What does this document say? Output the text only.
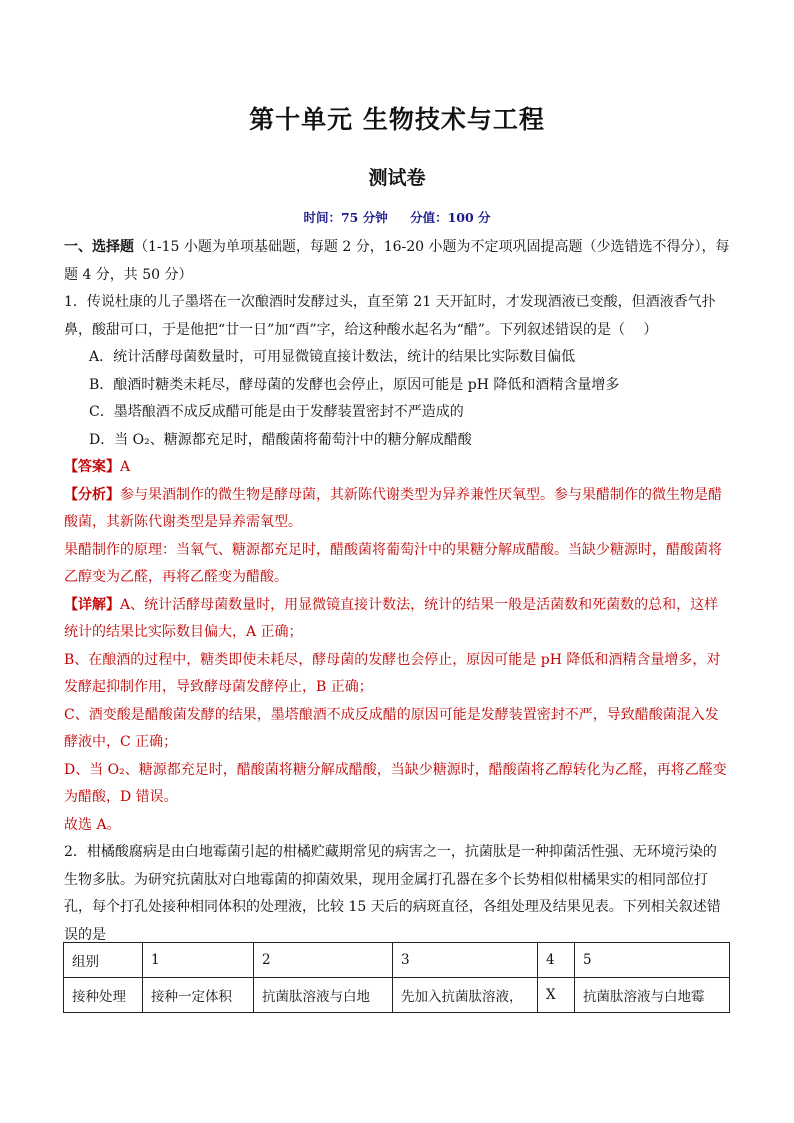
第十单元 生物技术与工程
测试卷
时间：75 分钟 分值：100 分

一、选择题（1-15 小题为单项基础题，每题 2 分，16-20 小题为不定项巩固提高题（少选错选不得分），每题 4 分，共 50 分）

1．传说杜康的儿子墨塔在一次酿酒时发酵过头，直至第 21 天开缸时，才发现酒液已变酸，但酒液香气扑鼻，酸甜可口，于是他把“廿一日”加“酉”字，给这种酸水起名为“醋”。下列叙述错误的是（　 ）

A．统计活酵母菌数量时，可用显微镜直接计数法，统计的结果比实际数目偏低

B．酿酒时糖类未耗尽，酵母菌的发酵也会停止，原因可能是 pH 降低和酒精含量增多

C．墨塔酿酒不成反成醋可能是由于发酵装置密封不严造成的

D．当 O₂、糖源都充足时，醋酸菌将葡萄汁中的糖分解成醋酸

【答案】A

【分析】参与果酒制作的微生物是酵母菌，其新陈代谢类型为异养兼性厌氧型。参与果醋制作的微生物是醋酸菌，其新陈代谢类型是异养需氧型。

果醋制作的原理：当氧气、糖源都充足时，醋酸菌将葡萄汁中的果糖分解成醋酸。当缺少糖源时，醋酸菌将乙醇变为乙醛，再将乙醛变为醋酸。

【详解】A、统计活酵母菌数量时，用显微镜直接计数法，统计的结果一般是活菌数和死菌数的总和，这样统计的结果比实际数目偏大，A 正确；

B、在酿酒的过程中，糖类即使未耗尽，酵母菌的发酵也会停止，原因可能是 pH 降低和酒精含量增多，对发酵起抑制作用，导致酵母菌发酵停止，B 正确；

C、酒变酸是醋酸菌发酵的结果，墨塔酿酒不成反成醋的原因可能是发酵装置密封不严，导致醋酸菌混入发酵液中，C 正确；

D、当 O₂、糖源都充足时，醋酸菌将糖分解成醋酸，当缺少糖源时，醋酸菌将乙醇转化为乙醛，再将乙醛变为醋酸，D 错误。

故选 A。

2．柑橘酸腐病是由白地霉菌引起的柑橘贮藏期常见的病害之一，抗菌肽是一种抑菌活性强、无环境污染的生物多肽。为研究抗菌肽对白地霉菌的抑菌效果，现用金属打孔器在多个长势相似柑橘果实的相同部位打孔，每个打孔处接种相同体积的处理液，比较 15 天后的病斑直径，各组处理及结果见表。下列相关叙述错误的是

组别	1	2	3	4	5
接种处理	接种一定体积	抗菌肽溶液与白地	先加入抗菌肽溶液，	X	抗菌肽溶液与白地霉
